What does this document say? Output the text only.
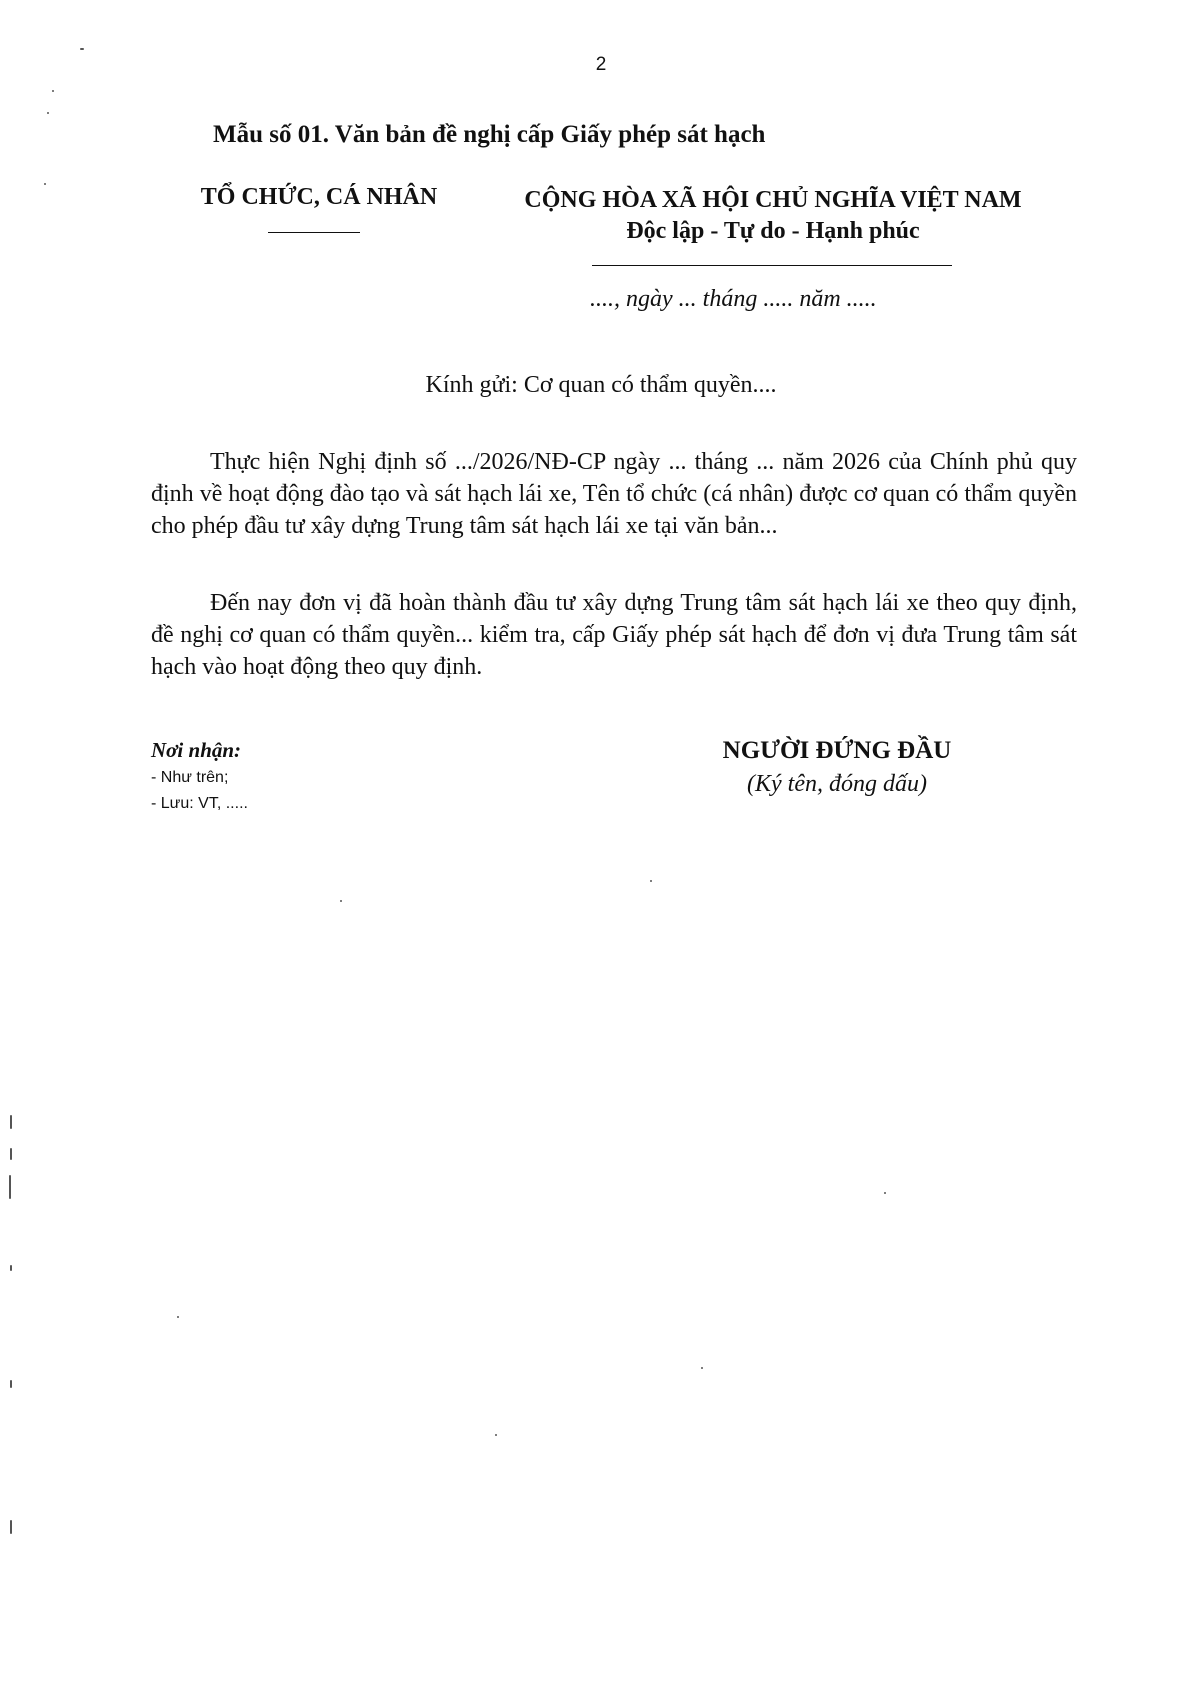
2
Mẫu số 01. Văn bản đề nghị cấp Giấy phép sát hạch
TỔ CHỨC, CÁ NHÂN	CỘNG HÒA XÃ HỘI CHỦ NGHĨA VIỆT NAM
Độc lập - Tự do - Hạnh phúc
...., ngày ... tháng ..... năm .....
Kính gửi: Cơ quan có thẩm quyền....

Thực hiện Nghị định số .../2026/NĐ-CP ngày ... tháng ... năm 2026 của Chính phủ quy định về hoạt động đào tạo và sát hạch lái xe, Tên tổ chức (cá nhân) được cơ quan có thẩm quyền cho phép đầu tư xây dựng Trung tâm sát hạch lái xe tại văn bản...

Đến nay đơn vị đã hoàn thành đầu tư xây dựng Trung tâm sát hạch lái xe theo quy định, đề nghị cơ quan có thẩm quyền... kiểm tra, cấp Giấy phép sát hạch để đơn vị đưa Trung tâm sát hạch vào hoạt động theo quy định.

Nơi nhận:
- Như trên;
- Lưu: VT, .....
NGƯỜI ĐỨNG ĐẦU
(Ký tên, đóng dấu)
